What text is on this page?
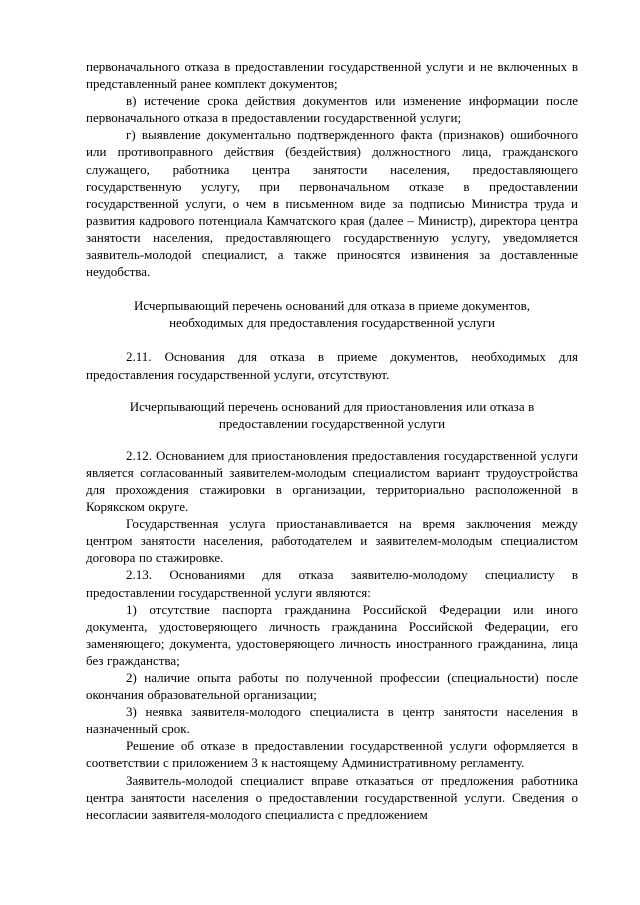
первоначального отказа в предоставлении государственной услуги и не включенных в представленный ранее комплект документов;

в) истечение срока действия документов или изменение информации после первоначального отказа в предоставлении государственной услуги;

г) выявление документально подтвержденного факта (признаков) ошибочного или противоправного действия (бездействия) должностного лица, гражданского служащего, работника центра занятости населения, предоставляющего государственную услугу, при первоначальном отказе в предоставлении государственной услуги, о чем в письменном виде за подписью Министра труда и развития кадрового потенциала Камчатского края (далее – Министр), директора центра занятости населения, предоставляющего государственную услугу, уведомляется заявитель-молодой специалист, а также приносятся извинения за доставленные неудобства.

Исчерпывающий перечень оснований для отказа в приеме документов,

необходимых для предоставления государственной услуги

2.11. Основания для отказа в приеме документов, необходимых для предоставления государственной услуги, отсутствуют.

Исчерпывающий перечень оснований для приостановления или отказа в

предоставлении государственной услуги

2.12. Основанием для приостановления предоставления государственной услуги является согласованный заявителем-молодым специалистом вариант трудоустройства для прохождения стажировки в организации, территориально расположенной в Корякском округе.

Государственная услуга приостанавливается на время заключения между центром занятости населения, работодателем и заявителем-молодым специалистом договора по стажировке.

2.13. Основаниями для отказа заявителю-молодому специалисту в предоставлении государственной услуги являются:

1) отсутствие паспорта гражданина Российской Федерации или иного документа, удостоверяющего личность гражданина Российской Федерации, его заменяющего; документа, удостоверяющего личность иностранного гражданина, лица без гражданства;

2) наличие опыта работы по полученной профессии (специальности) после окончания образовательной организации;

3) неявка заявителя-молодого специалиста в центр занятости населения в назначенный срок.

Решение об отказе в предоставлении государственной услуги оформляется в соответствии с приложением 3 к настоящему Административному регламенту.

Заявитель-молодой специалист вправе отказаться от предложения работника центра занятости населения о предоставлении государственной услуги. Сведения о несогласии заявителя-молодого специалиста с предложением
